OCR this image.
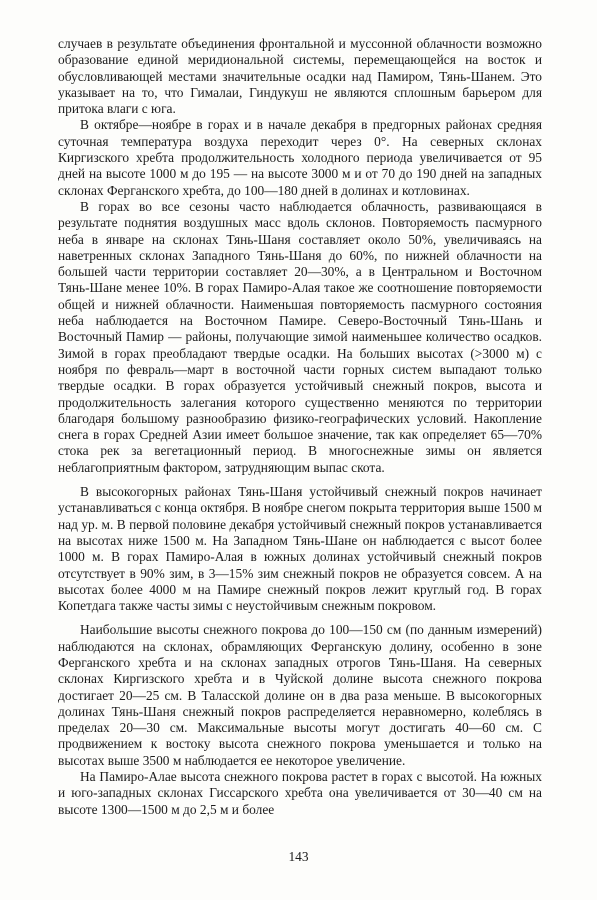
случаев в результате объединения фронтальной и муссонной облачности возможно образование единой меридиональной системы, перемещающейся на восток и обусловливающей местами значительные осадки над Памиром, Тянь-Шанем. Это указывает на то, что Гималаи, Гиндукуш не являются сплошным барьером для притока влаги с юга.

В октябре—ноябре в горах и в начале декабря в предгорных районах средняя суточная температура воздуха переходит через 0°. На северных склонах Киргизского хребта продолжительность холодного периода увеличивается от 95 дней на высоте 1000 м до 195 — на высоте 3000 м и от 70 до 190 дней на западных склонах Ферганского хребта, до 100—180 дней в долинах и котловинах.

В горах во все сезоны часто наблюдается облачность, развивающаяся в результате поднятия воздушных масс вдоль склонов. Повторяемость пасмурного неба в январе на склонах Тянь-Шаня составляет около 50%, увеличиваясь на наветренных склонах Западного Тянь-Шаня до 60%, по нижней облачности на большей части территории составляет 20—30%, а в Центральном и Восточном Тянь-Шане менее 10%. В горах Памиро-Алая такое же соотношение повторяемости общей и нижней облачности. Наименьшая повторяемость пасмурного состояния неба наблюдается на Восточном Памире. Северо-Восточный Тянь-Шань и Восточный Памир — районы, получающие зимой наименьшее количество осадков. Зимой в горах преобладают твердые осадки. На больших высотах (>3000 м) с ноября по февраль—март в восточной части горных систем выпадают только твердые осадки. В горах образуется устойчивый снежный покров, высота и продолжительность залегания которого существенно меняются по территории благодаря большому разнообразию физико-географических условий. Накопление снега в горах Средней Азии имеет большое значение, так как определяет 65—70% стока рек за вегетационный период. В многоснежные зимы он является неблагоприятным фактором, затрудняющим выпас скота.

В высокогорных районах Тянь-Шаня устойчивый снежный покров начинает устанавливаться с конца октября. В ноябре снегом покрыта территория выше 1500 м над ур. м. В первой половине декабря устойчивый снежный покров устанавливается на высотах ниже 1500 м. На Западном Тянь-Шане он наблюдается с высот более 1000 м. В горах Памиро-Алая в южных долинах устойчивый снежный покров отсутствует в 90% зим, в 3—15% зим снежный покров не образуется совсем. А на высотах более 4000 м на Памире снежный покров лежит круглый год. В горах Копетдага также часты зимы с неустойчивым снежным покровом.

Наибольшие высоты снежного покрова до 100—150 см (по данным измерений) наблюдаются на склонах, обрамляющих Ферганскую долину, особенно в зоне Ферганского хребта и на склонах западных отрогов Тянь-Шаня. На северных склонах Киргизского хребта и в Чуйской долине высота снежного покрова достигает 20—25 см. В Таласской долине он в два раза меньше. В высокогорных долинах Тянь-Шаня снежный покров распределяется неравномерно, колеблясь в пределах 20—30 см. Максимальные высоты могут достигать 40—60 см. С продвижением к востоку высота снежного покрова уменьшается и только на высотах выше 3500 м наблюдается ее некоторое увеличение.

На Памиро-Алае высота снежного покрова растет в горах с высотой. На южных и юго-западных склонах Гиссарского хребта она увеличивается от 30—40 см на высоте 1300—1500 м до 2,5 м и более

143
